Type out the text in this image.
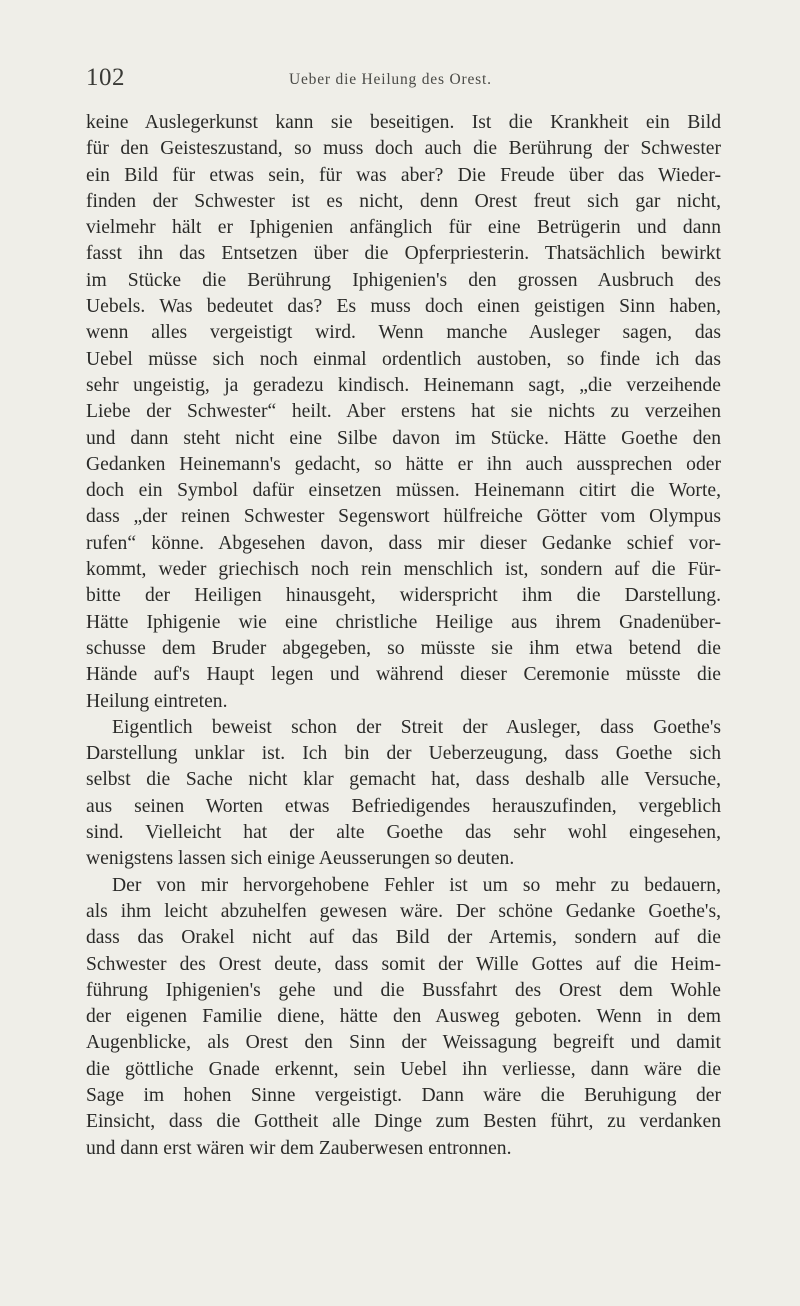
102	Ueber die Heilung des Orest.
keine Auslegerkunst kann sie beseitigen. Ist die Krankheit ein Bild
für den Geisteszustand, so muss doch auch die Berührung der Schwester
ein Bild für etwas sein, für was aber? Die Freude über das Wieder-
finden der Schwester ist es nicht, denn Orest freut sich gar nicht,
vielmehr hält er Iphigenien anfänglich für eine Betrügerin und dann
fasst ihn das Entsetzen über die Opferpriesterin. Thatsächlich bewirkt
im Stücke die Berührung Iphigenien's den grossen Ausbruch des
Uebels. Was bedeutet das? Es muss doch einen geistigen Sinn haben,
wenn alles vergeistigt wird. Wenn manche Ausleger sagen, das
Uebel müsse sich noch einmal ordentlich austoben, so finde ich das
sehr ungeistig, ja geradezu kindisch. Heinemann sagt, „die verzeihende
Liebe der Schwester“ heilt. Aber erstens hat sie nichts zu verzeihen
und dann steht nicht eine Silbe davon im Stücke. Hätte Goethe den
Gedanken Heinemann's gedacht, so hätte er ihn auch aussprechen oder
doch ein Symbol dafür einsetzen müssen. Heinemann citirt die Worte,
dass „der reinen Schwester Segenswort hülfreiche Götter vom Olympus
rufen“ könne. Abgesehen davon, dass mir dieser Gedanke schief vor-
kommt, weder griechisch noch rein menschlich ist, sondern auf die Für-
bitte der Heiligen hinausgeht, widerspricht ihm die Darstellung.
Hätte Iphigenie wie eine christliche Heilige aus ihrem Gnadenüber-
schusse dem Bruder abgegeben, so müsste sie ihm etwa betend die
Hände auf's Haupt legen und während dieser Ceremonie müsste die
Heilung eintreten.
Eigentlich beweist schon der Streit der Ausleger, dass Goethe's
Darstellung unklar ist. Ich bin der Ueberzeugung, dass Goethe sich
selbst die Sache nicht klar gemacht hat, dass deshalb alle Versuche,
aus seinen Worten etwas Befriedigendes herauszufinden, vergeblich
sind. Vielleicht hat der alte Goethe das sehr wohl eingesehen,
wenigstens lassen sich einige Aeusserungen so deuten.
Der von mir hervorgehobene Fehler ist um so mehr zu bedauern,
als ihm leicht abzuhelfen gewesen wäre. Der schöne Gedanke Goethe's,
dass das Orakel nicht auf das Bild der Artemis, sondern auf die
Schwester des Orest deute, dass somit der Wille Gottes auf die Heim-
führung Iphigenien's gehe und die Bussfahrt des Orest dem Wohle
der eigenen Familie diene, hätte den Ausweg geboten. Wenn in dem
Augenblicke, als Orest den Sinn der Weissagung begreift und damit
die göttliche Gnade erkennt, sein Uebel ihn verliesse, dann wäre die
Sage im hohen Sinne vergeistigt. Dann wäre die Beruhigung der
Einsicht, dass die Gottheit alle Dinge zum Besten führt, zu verdanken
und dann erst wären wir dem Zauberwesen entronnen.
